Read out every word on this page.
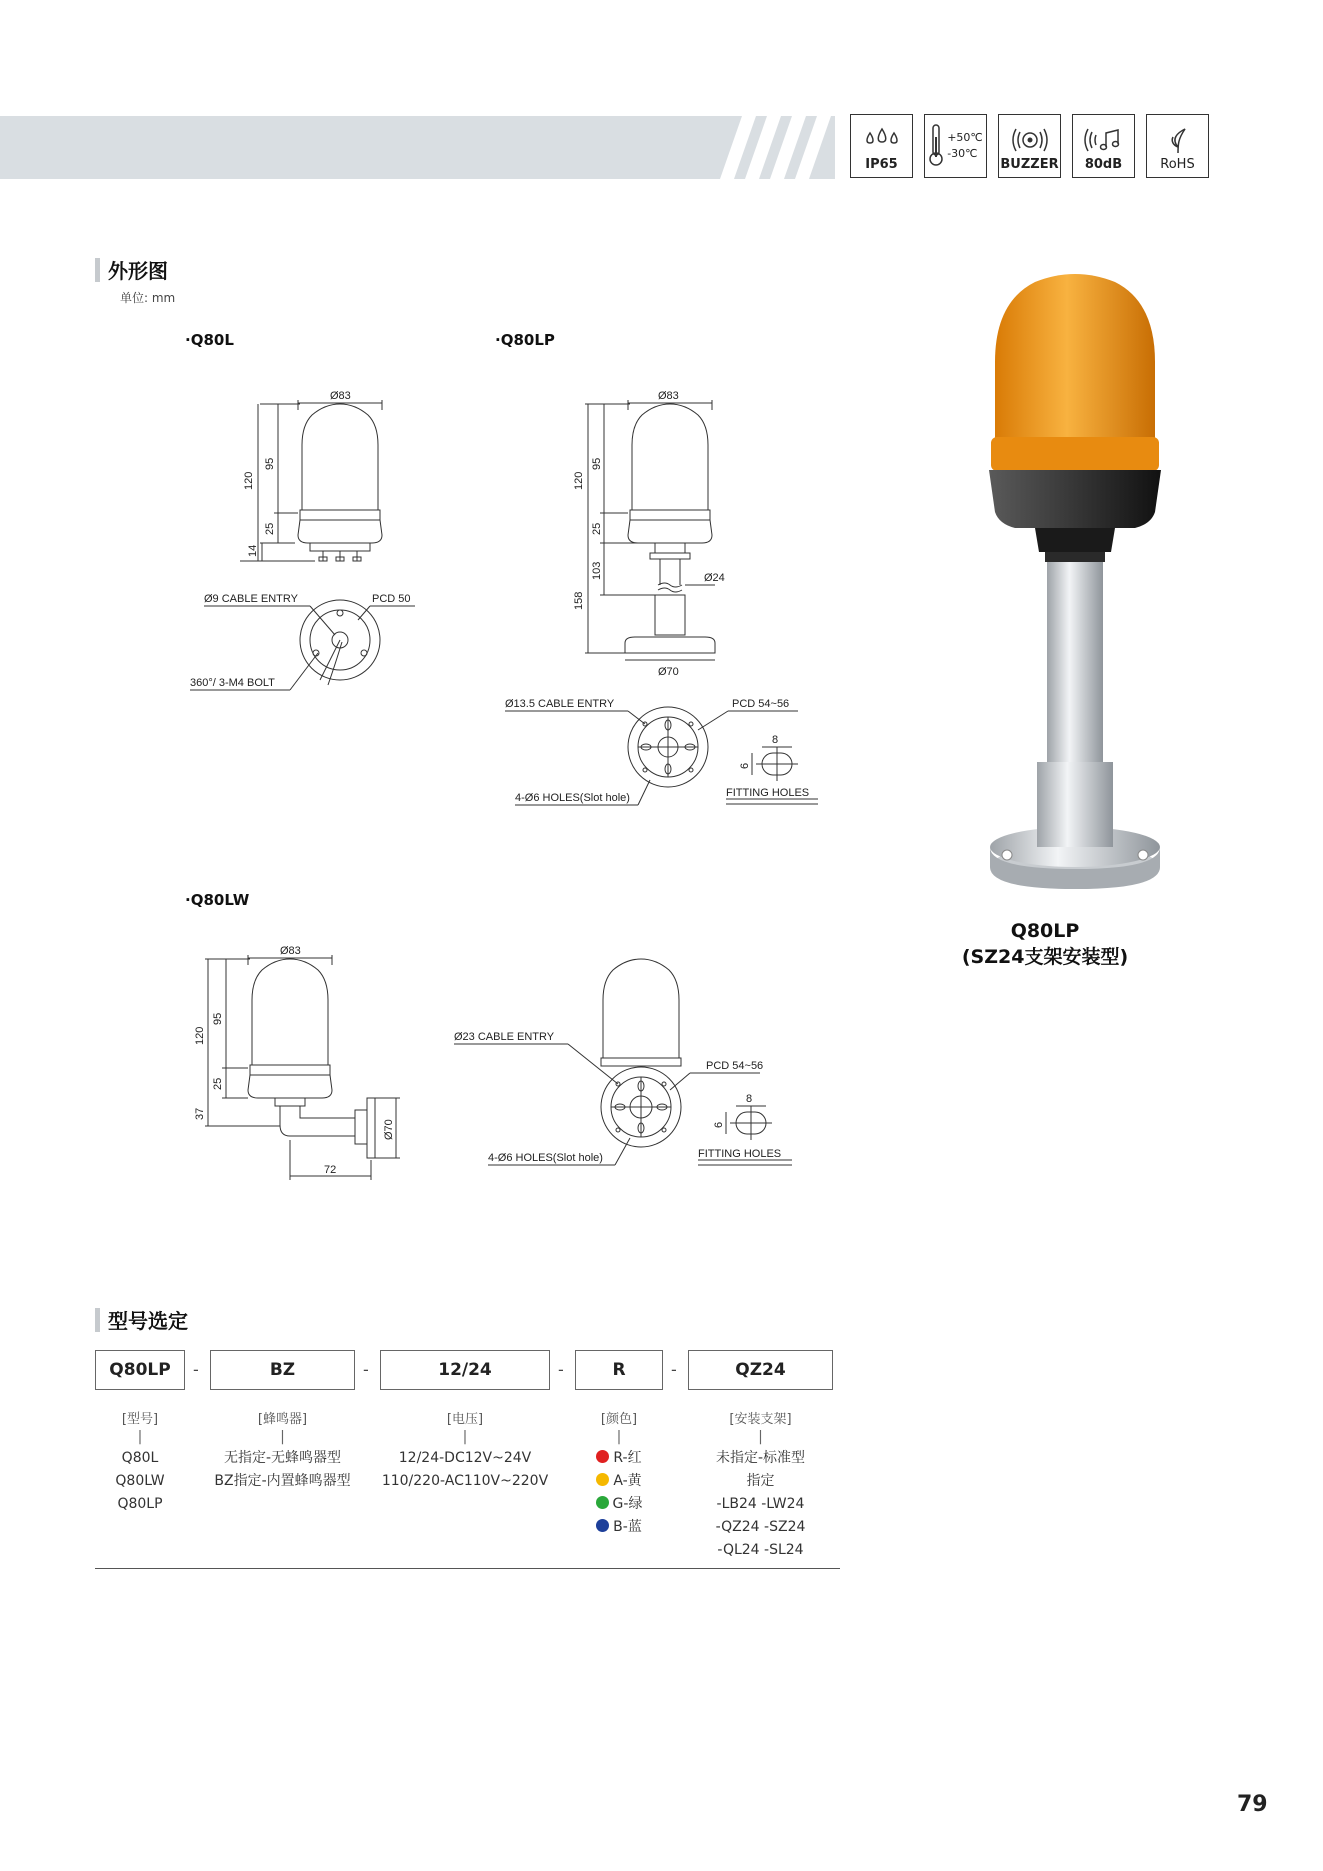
IP65
+50℃
-30℃
BUZZER 80dB	RoHS
外形图
单位: mm
·Q80L	·Q80LP
·Q80LW
Ø83
120
95
25
14
Ø9 CABLE ENTRY	PCD 50
360°/ 3-M4 BOLT
Ø83
120
95
25
103
158
Ø24
Ø70
Ø13.5 CABLE ENTRY	PCD 54~56
4-Ø6 HOLES(Slot hole)
8
6
FITTING HOLES
Ø83
120
95
25
37
Ø70
72
Ø23 CABLE ENTRY
PCD 54~56
4-Ø6 HOLES(Slot hole)
8
6
FITTING HOLES
Q80LP
(SZ24支架安装型)
型号选定
Q80LP	-	BZ	-	12/24	-	R	-	QZ24
[型号]
|
Q80L
Q80LW
Q80LP
[蜂鸣器]
|
无指定-无蜂鸣器型
BZ指定-内置蜂鸣器型
[电压]
|
12/24-DC12V~24V
110/220-AC110V~220V
[颜色]
|
R-红
A-黄
G-绿
B-蓝
[安装支架]
|
未指定-标准型
指定
-LB24 -LW24
-QZ24 -SZ24
-QL24 -SL24
79
